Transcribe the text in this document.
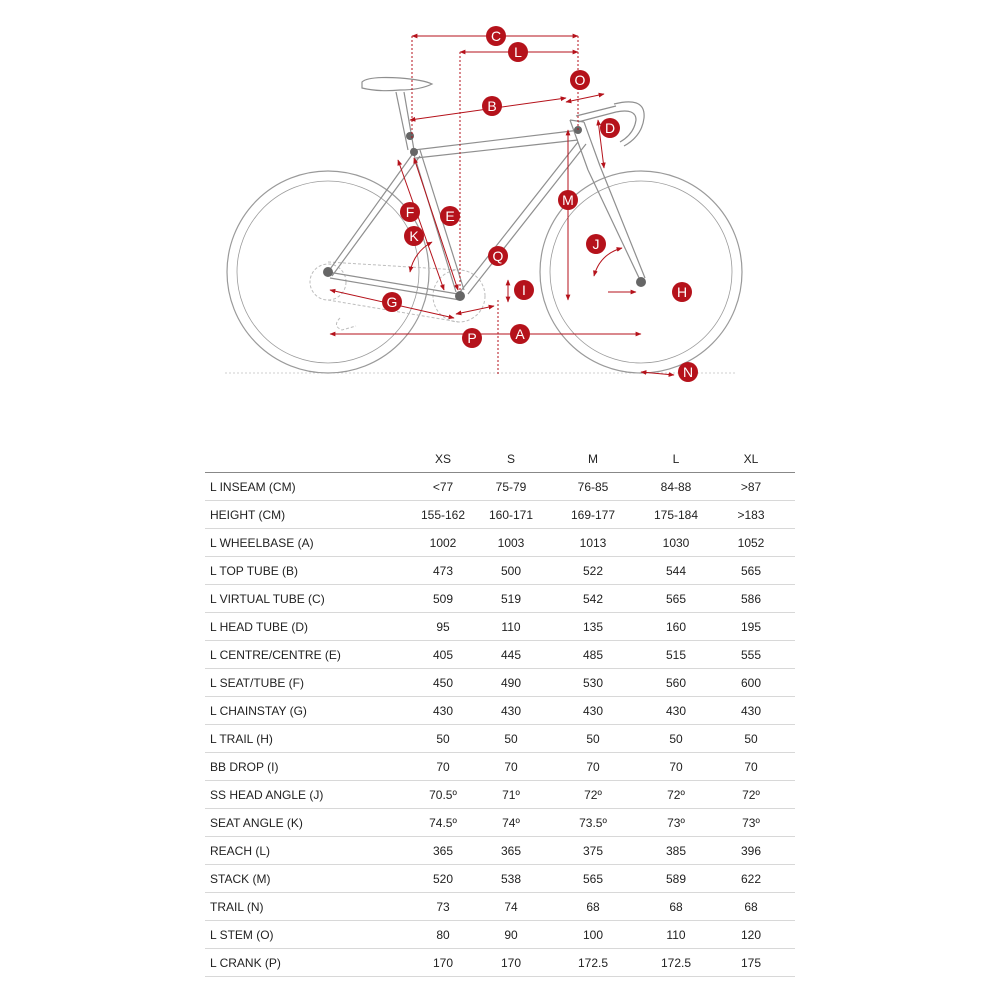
A
B
C
D
E
F
G
H
I
J
K
L
M
N
O
P
Q
	XS	S	M	L	XL
L INSEAM (CM)	<77	75-79	76-85	84-88	>87
HEIGHT (CM)	155-162	160-171	169-177	175-184	>183
L WHEELBASE (A)	1002	1003	1013	1030	1052
L TOP TUBE (B)	473	500	522	544	565
L VIRTUAL TUBE (C)	509	519	542	565	586
L HEAD TUBE (D)	95	110	135	160	195
L CENTRE/CENTRE (E)	405	445	485	515	555
L SEAT/TUBE (F)	450	490	530	560	600
L CHAINSTAY (G)	430	430	430	430	430
L TRAIL (H)	50	50	50	50	50
BB DROP (I)	70	70	70	70	70
SS HEAD ANGLE (J)	70.5º	71º	72º	72º	72º
SEAT ANGLE (K)	74.5º	74º	73.5º	73º	73º
REACH (L)	365	365	375	385	396
STACK (M)	520	538	565	589	622
TRAIL (N)	73	74	68	68	68
L STEM (O)	80	90	100	110	120
L CRANK (P)	170	170	172.5	172.5	175
